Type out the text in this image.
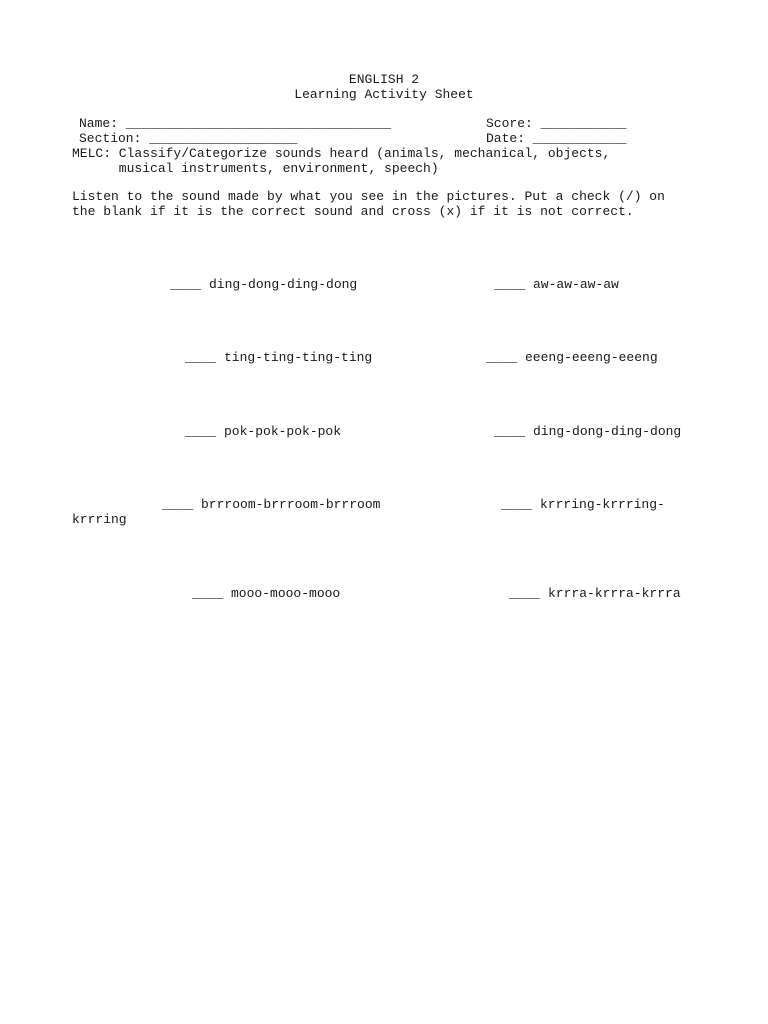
ENGLISH 2
Learning Activity Sheet
Name: __________________________________	Score: ___________
Section: ___________________	Date: ____________
MELC: Classify/Categorize sounds heard (animals, mechanical, objects,
musical instruments, environment, speech)
Listen to the sound made by what you see in the pictures. Put a check (/) on
the blank if it is the correct sound and cross (x) if it is not correct.
____ ding-dong-ding-dong	____ aw-aw-aw-aw
____ ting-ting-ting-ting	____ eeeng-eeeng-eeeng
____ pok-pok-pok-pok	____ ding-dong-ding-dong
____ brrroom-brrroom-brrroom	____ krrring-krrring-
krrring
____ mooo-mooo-mooo	____ krrra-krrra-krrra
